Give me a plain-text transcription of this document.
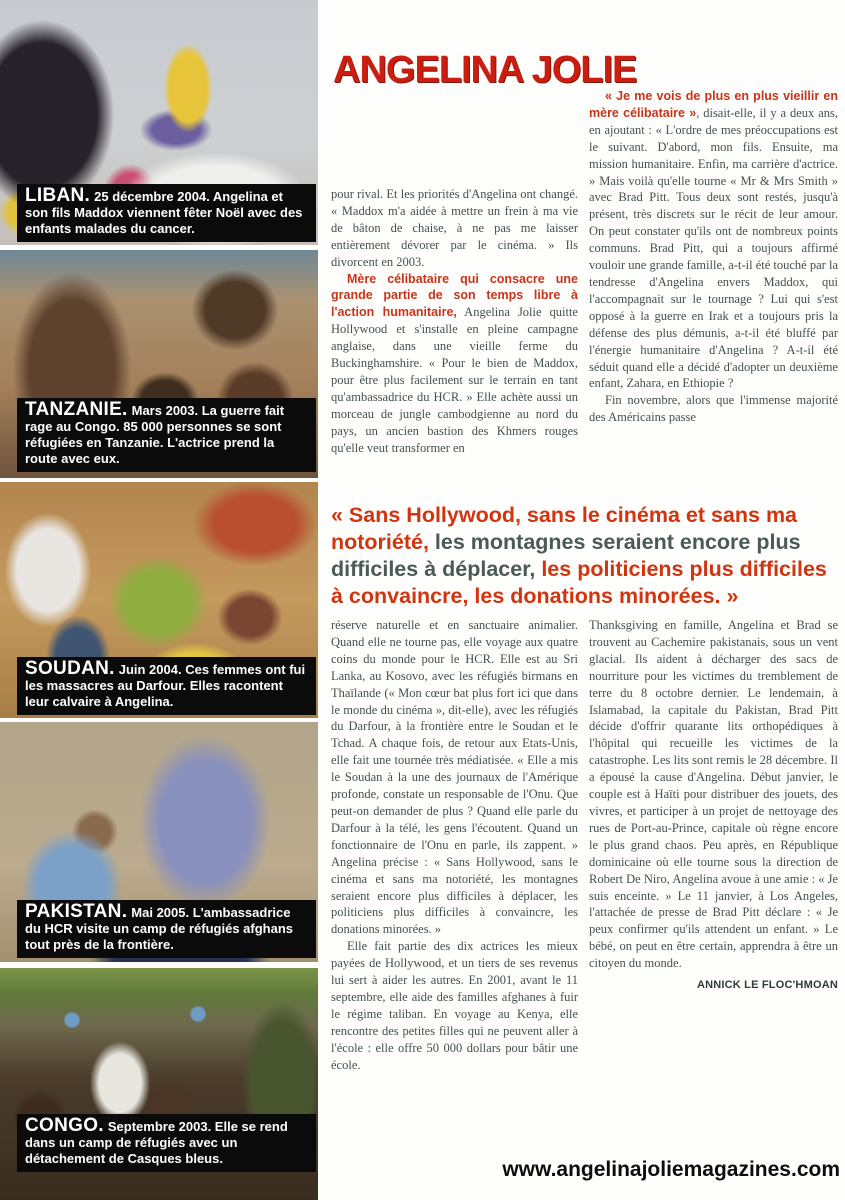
LIBAN. 25 décembre 2004. Angelina et son fils Maddox viennent fêter Noël avec des enfants malades du cancer.
TANZANIE. Mars 2003. La guerre fait rage au Congo. 85 000 personnes se sont réfugiées en Tanzanie. L'actrice prend la route avec eux.
SOUDAN. Juin 2004. Ces femmes ont fui les massacres au Darfour. Elles racontent leur calvaire à Angelina.
PAKISTAN. Mai 2005. L'ambassadrice du HCR visite un camp de réfugiés afghans tout près de la frontière.
CONGO. Septembre 2003. Elle se rend dans un camp de réfugiés avec un détachement de Casques bleus.
ANGELINA JOLIE

pour rival. Et les priorités d'Angelina ont changé. « Maddox m'a aidée à mettre un frein à ma vie de bâton de chaise, à ne pas me laisser entièrement dévorer par le cinéma. » Ils divorcent en 2003.

Mère célibataire qui consacre une grande partie de son temps libre à l'action humanitaire, Angelina Jolie quitte Hollywood et s'installe en pleine campagne anglaise, dans une vieille ferme du Buckinghamshire. « Pour le bien de Maddox, pour être plus facilement sur le terrain en tant qu'ambassadrice du HCR. » Elle achète aussi un morceau de jungle cambodgienne au nord du pays, un ancien bastion des Khmers rouges qu'elle veut transformer en

« Je me vois de plus en plus vieillir en mère célibataire », disait-elle, il y a deux ans, en ajoutant : « L'ordre de mes préoccupations est le suivant. D'abord, mon fils. Ensuite, ma mission humanitaire. Enfin, ma carrière d'actrice. » Mais voilà qu'elle tourne « Mr & Mrs Smith » avec Brad Pitt. Tous deux sont restés, jusqu'à présent, très discrets sur le récit de leur amour. On peut constater qu'ils ont de nombreux points communs. Brad Pitt, qui a toujours affirmé vouloir une grande famille, a-t-il été touché par la tendresse d'Angelina envers Maddox, qui l'accompagnait sur le tournage ? Lui qui s'est opposé à la guerre en Irak et a toujours pris la défense des plus démunis, a-t-il été bluffé par l'énergie humanitaire d'Angelina ? A-t-il été séduit quand elle a décidé d'adopter un deuxième enfant, Zahara, en Ethiopie ?

Fin novembre, alors que l'immense majorité des Américains passe

« Sans Hollywood, sans le cinéma et sans ma notoriété, les montagnes seraient encore plus difficiles à déplacer, les politiciens plus difficiles à convaincre, les donations minorées. »

réserve naturelle et en sanctuaire animalier. Quand elle ne tourne pas, elle voyage aux quatre coins du monde pour le HCR. Elle est au Sri Lanka, au Kosovo, avec les réfugiés birmans en Thaïlande (« Mon cœur bat plus fort ici que dans le monde du cinéma », dit-elle), avec les réfugiés du Darfour, à la frontière entre le Soudan et le Tchad. A chaque fois, de retour aux Etats-Unis, elle fait une tournée très médiatisée. « Elle a mis le Soudan à la une des journaux de l'Amérique profonde, constate un responsable de l'Onu. Que peut-on demander de plus ? Quand elle parle du Darfour à la télé, les gens l'écoutent. Quand un fonctionnaire de l'Onu en parle, ils zappent. » Angelina précise : « Sans Hollywood, sans le cinéma et sans ma notoriété, les montagnes seraient encore plus difficiles à déplacer, les politiciens plus difficiles à convaincre, les donations minorées. »

Elle fait partie des dix actrices les mieux payées de Hollywood, et un tiers de ses revenus lui sert à aider les autres. En 2001, avant le 11 septembre, elle aide des familles afghanes à fuir le régime taliban. En voyage au Kenya, elle rencontre des petites filles qui ne peuvent aller à l'école : elle offre 50 000 dollars pour bâtir une école.

Thanksgiving en famille, Angelina et Brad se trouvent au Cachemire pakistanais, sous un vent glacial. Ils aident à décharger des sacs de nourriture pour les victimes du tremblement de terre du 8 octobre dernier. Le lendemain, à Islamabad, la capitale du Pakistan, Brad Pitt décide d'offrir quarante lits orthopédiques à l'hôpital qui recueille les victimes de la catastrophe. Les lits sont remis le 28 décembre. Il a épousé la cause d'Angelina. Début janvier, le couple est à Haïti pour distribuer des jouets, des vivres, et participer à un projet de nettoyage des rues de Port-au-Prince, capitale où règne encore le plus grand chaos. Peu après, en République dominicaine où elle tourne sous la direction de Robert De Niro, Angelina avoue à une amie : « Je suis enceinte. » Le 11 janvier, à Los Angeles, l'attachée de presse de Brad Pitt déclare : « Je peux confirmer qu'ils attendent un enfant. » Le bébé, on peut en être certain, apprendra à être un citoyen du monde.

ANNICK LE FLOC'HMOAN
www.angelinajoliemagazines.com
